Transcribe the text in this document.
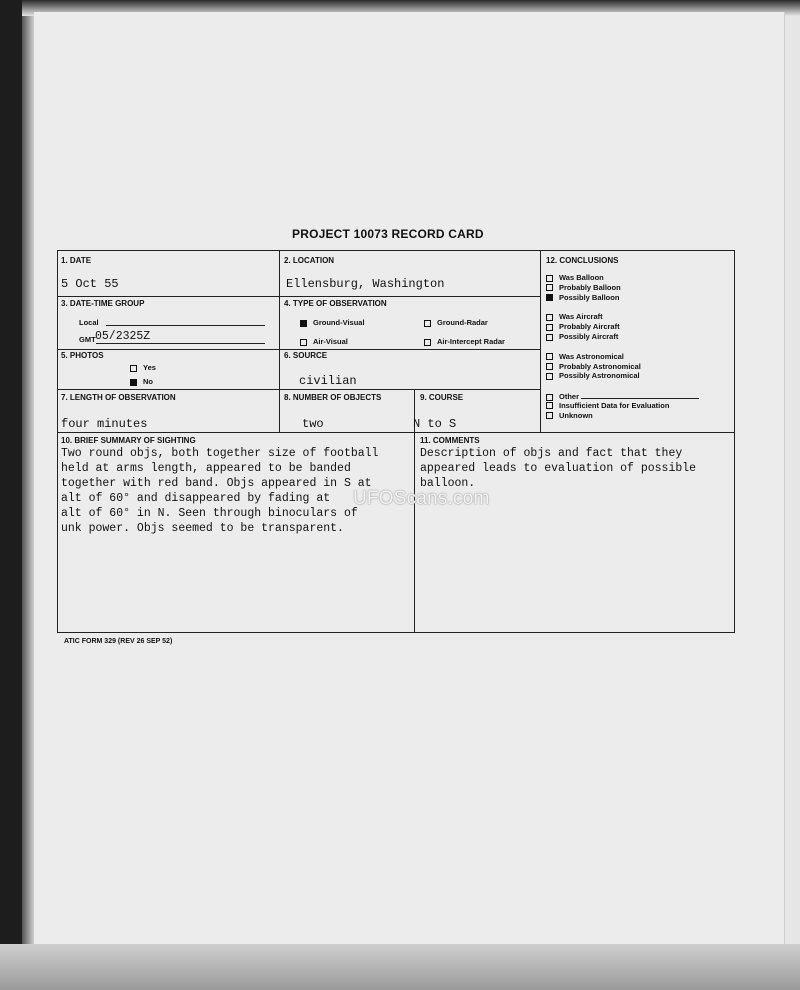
PROJECT 10073 RECORD CARD
1. DATE
5 Oct 55
2. LOCATION
Ellensburg, Washington
3. DATE-TIME GROUP
Local
GMT 05/2325Z
4. TYPE OF OBSERVATION
Ground-Visual	Ground-Radar
Air-Visual	Air-Intercept Radar
5. PHOTOS
Yes
No
6. SOURCE
civilian
7. LENGTH OF OBSERVATION
four minutes
8. NUMBER OF OBJECTS
two
9. COURSE
N to S
10. BRIEF SUMMARY OF SIGHTING
Two round objs, both together size of football
held at arms length, appeared to be banded
together with red band. Objs appeared in S at
alt of 60° and disappeared by fading at
alt of 60° in N. Seen through binoculars of
unk power. Objs seemed to be transparent.
11. COMMENTS
Description of objs and fact that they
appeared leads to evaluation of possible
balloon.
12. CONCLUSIONS
Was Balloon
Probably Balloon
Possibly Balloon
Was Aircraft
Probably Aircraft
Possibly Aircraft
Was Astronomical
Probably Astronomical
Possibly Astronomical
Other
Insufficient Data for Evaluation
Unknown
UFOScans.com
ATIC FORM 329 (REV 26 SEP 52)
